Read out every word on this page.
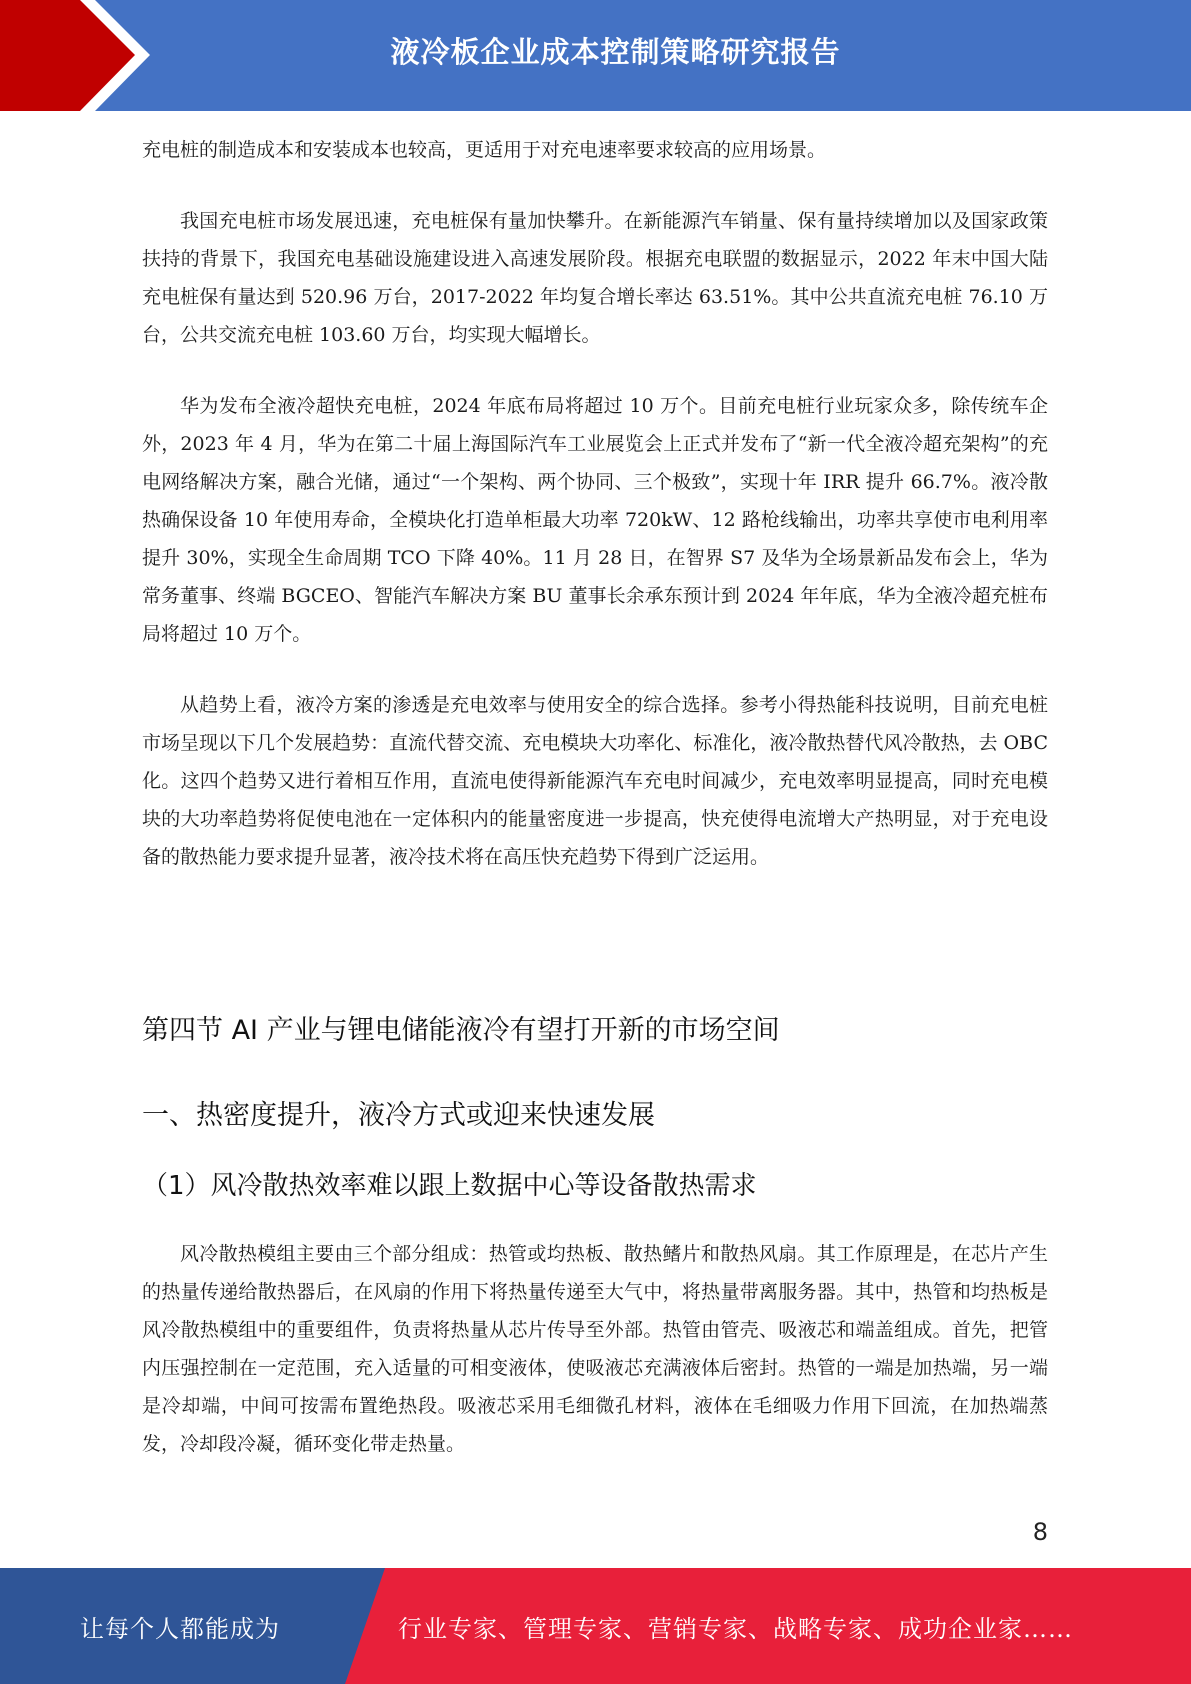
液冷板企业成本控制策略研究报告

充电桩的制造成本和安装成本也较高，更适用于对充电速率要求较高的应用场景。

我国充电桩市场发展迅速，充电桩保有量加快攀升。在新能源汽车销量、保有量持续增加以及国家政策扶持的背景下，我国充电基础设施建设进入高速发展阶段。根据充电联盟的数据显示，2022 年末中国大陆充电桩保有量达到 520.96 万台，2017-2022 年均复合增长率达 63.51%。其中公共直流充电桩 76.10 万台，公共交流充电桩 103.60 万台，均实现大幅增长。

华为发布全液冷超快充电桩，2024 年底布局将超过 10 万个。目前充电桩行业玩家众多，除传统车企外，2023 年 4 月，华为在第二十届上海国际汽车工业展览会上正式并发布了“新一代全液冷超充架构”的充电网络解决方案，融合光储，通过“一个架构、两个协同、三个极致”，实现十年 IRR 提升 66.7%。液冷散热确保设备 10 年使用寿命，全模块化打造单柜最大功率 720kW、12 路枪线输出，功率共享使市电利用率提升 30%，实现全生命周期 TCO 下降 40%。11 月 28 日，在智界 S7 及华为全场景新品发布会上，华为常务董事、终端 BGCEO、智能汽车解决方案 BU 董事长余承东预计到 2024 年年底，华为全液冷超充桩布局将超过 10 万个。

从趋势上看，液冷方案的渗透是充电效率与使用安全的综合选择。参考小得热能科技说明，目前充电桩市场呈现以下几个发展趋势：直流代替交流、充电模块大功率化、标准化，液冷散热替代风冷散热，去 OBC 化。这四个趋势又进行着相互作用，直流电使得新能源汽车充电时间减少，充电效率明显提高，同时充电模块的大功率趋势将促使电池在一定体积内的能量密度进一步提高，快充使得电流增大产热明显，对于充电设备的散热能力要求提升显著，液冷技术将在高压快充趋势下得到广泛运用。

第四节 AI 产业与锂电储能液冷有望打开新的市场空间
一、热密度提升，液冷方式或迎来快速发展
（1）风冷散热效率难以跟上数据中心等设备散热需求

风冷散热模组主要由三个部分组成：热管或均热板、散热鳍片和散热风扇。其工作原理是，在芯片产生的热量传递给散热器后，在风扇的作用下将热量传递至大气中，将热量带离服务器。其中，热管和均热板是风冷散热模组中的重要组件，负责将热量从芯片传导至外部。热管由管壳、吸液芯和端盖组成。首先，把管内压强控制在一定范围，充入适量的可相变液体，使吸液芯充满液体后密封。热管的一端是加热端，另一端是冷却端，中间可按需布置绝热段。吸液芯采用毛细微孔材料，液体在毛细吸力作用下回流，在加热端蒸发，冷却段冷凝，循环变化带走热量。

8
让每个人都能成为	行业专家、管理专家、营销专家、战略专家、成功企业家……
